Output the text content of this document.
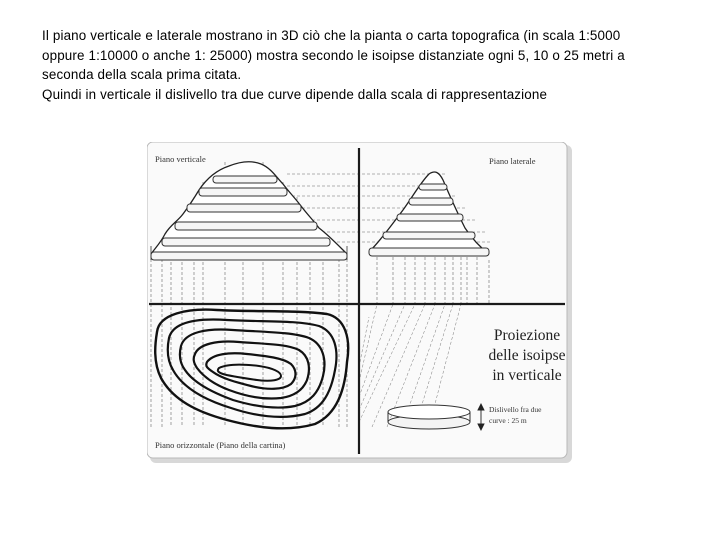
Il piano verticale e laterale mostrano in 3D ciò che la pianta o carta topografica (in scala 1:5000
oppure 1:10000 o anche 1: 25000) mostra secondo le isoipse distanziate ogni 5, 10 o 25 metri a
seconda della scala prima citata.
Quindi in verticale il dislivello tra due curve dipende dalla scala di rappresentazione
Piano verticale	Piano laterale
Piano orizzontale (Piano della cartina)
Proiezione
delle isoipse
in verticale
Dislivello fra due
curve : 25 m
